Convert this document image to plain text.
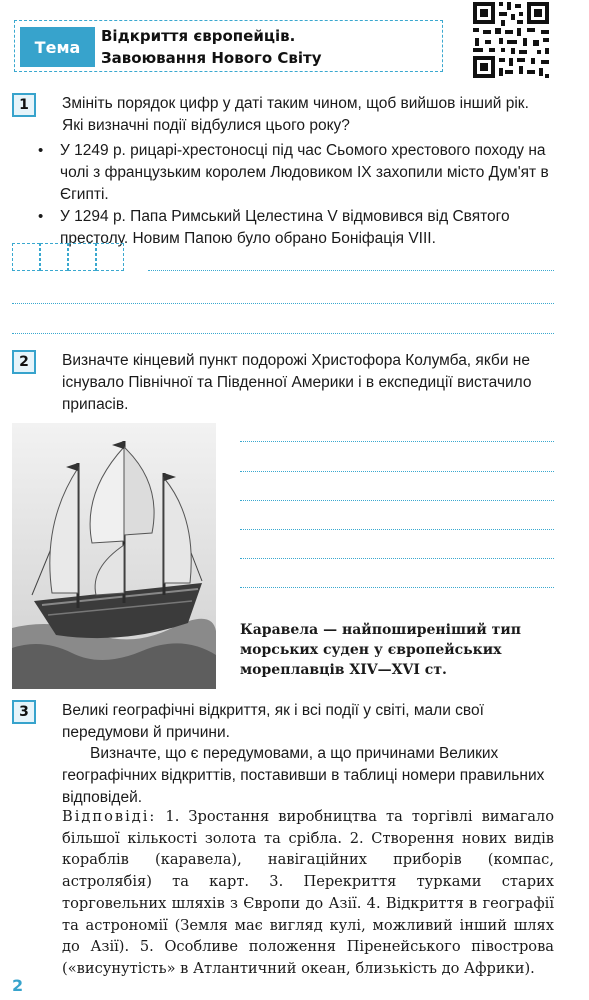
Тема
Відкриття європейців.
Завоювання Нового Світу
1	Змініть порядок цифр у даті таким чином, щоб вийшов інший рік. Які визначні події відбулися цього року?
•	У 1249 р. рицарі-хрестоносці під час Сьомого хрестового походу на чолі з французьким королем Людовиком IX захопили місто Дум'ят в Єгипті.
•	У 1294 р. Папа Римський Целестина V відмовився від Святого престолу. Новим Папою було обрано Боніфація VIII.
2	Визначте кінцевий пункт подорожі Христофора Колумба, якби не існувало Північної та Південної Америки і в експедиції вистачило припасів.
Каравела — найпоширеніший тип морських суден у європейських мореплавців XIV—XVI ст.
3	Великі географічні відкриття, як і всі події у світі, мали свої передумови й причини.
Визначте, що є передумовами, а що причинами Великих географічних відкриттів, поставивши в таблиці номери правильних відповідей.
Відповіді: 1. Зростання виробництва та торгівлі вимагало більшої кількості золота та срібла. 2. Створення нових видів кораблів (каравела), навігаційних приборів (компас, астролябія) та карт. 3. Перекриття турками старих торговельних шляхів з Європи до Азії. 4. Відкриття в географії та астрономії (Земля має вигляд кулі, можливий інший шлях до Азії). 5. Особливе положення Піренейського півострова («висунутість» в Атлантичний океан, близькість до Африки).
2
